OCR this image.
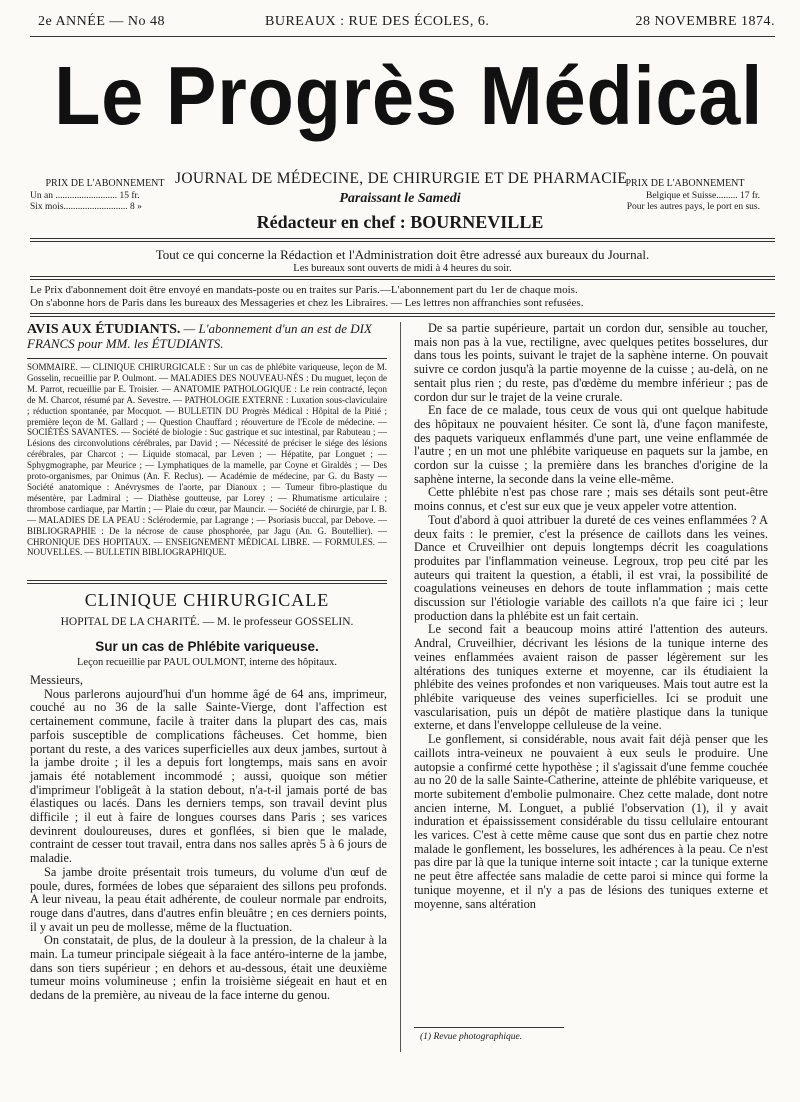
2e ANNÉE — No 48	BUREAUX : RUE DES ÉCOLES, 6.	28 NOVEMBRE 1874.
Le Progrès Médical
PRIX DE L'ABONNEMENT
Un an .......................... 15 fr.
Six mois........................... 8 »
JOURNAL DE MÉDECINE, DE CHIRURGIE ET DE PHARMACIE
Paraissant le Samedi
Rédacteur en chef : BOURNEVILLE
PRIX DE L'ABONNEMENT
Belgique et Suisse......... 17 fr.
Pour les autres pays, le port en sus.
Tout ce qui concerne la Rédaction et l'Administration doit être adressé aux bureaux du Journal.
Les bureaux sont ouverts de midi à 4 heures du soir.
Le Prix d'abonnement doit être envoyé en mandats-poste ou en traites sur Paris.—L'abonnement part du 1er de chaque mois.
On s'abonne hors de Paris dans les bureaux des Messageries et chez les Libraires. — Les lettres non affranchies sont refusées.
AVIS AUX ÉTUDIANTS. — L'abonnement d'un an est de DIX FRANCS pour MM. les ÉTUDIANTS.
SOMMAIRE. — CLINIQUE CHIRURGICALE : Sur un cas de phlébite variqueuse, leçon de M. Gosselin, recueillie par P. Oulmont. — MALADIES DES NOUVEAU-NÉS : Du muguet, leçon de M. Parrot, recueillie par E. Troisier. — ANATOMIE PATHOLOGIQUE : Le rein contracté, leçon de M. Charcot, résumé par A. Sevestre. — PATHOLOGIE EXTERNE : Luxation sous-claviculaire ; réduction spontanée, par Mocquot. — BULLETIN DU Progrès Médical : Hôpital de la Pitié ; première leçon de M. Gallard ; — Question Chauffard ; réouverture de l'Ecole de médecine. — SOCIÉTÉS SAVANTES. — Société de biologie : Suc gastrique et suc intestinal, par Rabuteau ; — Lésions des circonvolutions cérébrales, par David ; — Nécessité de préciser le siége des lésions cérébrales, par Charcot ; — Liquide stomacal, par Leven ; — Hépatite, par Longuet ; — Sphygmographe, par Meurice ; — Lymphatiques de la mamelle, par Coyne et Giraldès ; — Des proto-organismes, par Onimus (An. F. Reclus). — Académie de médecine, par G. du Basty — Société anatomique : Anévrysmes de l'aorte, par Dianoux ; — Tumeur fibro-plastique du mésentère, par Ladmiral ; — Diathèse goutteuse, par Lorey ; — Rhumatisme articulaire ; thrombose cardiaque, par Martin ; — Plaie du cœur, par Mauncir. — Société de chirurgie, par I. B. — MALADIES DE LA PEAU : Sclérodermie, par Lagrange ; — Psoriasis buccal, par Debove. — BIBLIOGRAPHIE : De la nécrose de cause phosphorée, par Jagu (An. G. Boutellier). — CHRONIQUE DES HOPITAUX. — ENSEIGNEMENT MÉDICAL LIBRE. — FORMULES. — NOUVELLES. — BULLETIN BIBLIOGRAPHIQUE.
CLINIQUE CHIRURGICALE
HOPITAL DE LA CHARITÉ. — M. le professeur GOSSELIN.
Sur un cas de Phlébite variqueuse.
Leçon recueillie par PAUL OULMONT, interne des hôpitaux.

Messieurs,

Nous parlerons aujourd'hui d'un homme âgé de 64 ans, imprimeur, couché au no 36 de la salle Sainte-Vierge, dont l'affection est certainement commune, facile à traiter dans la plupart des cas, mais parfois susceptible de complications fâcheuses. Cet homme, bien portant du reste, a des varices superficielles aux deux jambes, surtout à la jambe droite ; il les a depuis fort longtemps, mais sans en avoir jamais été notablement incommodé ; aussi, quoique son métier d'imprimeur l'obligeât à la station debout, n'a-t-il jamais porté de bas élastiques ou lacés. Dans les derniers temps, son travail devint plus difficile ; il eut à faire de longues courses dans Paris ; ses varices devinrent douloureuses, dures et gonflées, si bien que le malade, contraint de cesser tout travail, entra dans nos salles après 5 à 6 jours de maladie.

Sa jambe droite présentait trois tumeurs, du volume d'un œuf de poule, dures, formées de lobes que séparaient des sillons peu profonds. A leur niveau, la peau était adhérente, de couleur normale par endroits, rouge dans d'autres, dans d'autres enfin bleuâtre ; en ces derniers points, il y avait un peu de mollesse, même de la fluctuation.

On constatait, de plus, de la douleur à la pression, de la chaleur à la main. La tumeur principale siégeait à la face antéro-interne de la jambe, dans son tiers supérieur ; en dehors et au-dessous, était une deuxième tumeur moins volumineuse ; enfin la troisième siégeait en haut et en dedans de la première, au niveau de la face interne du genou.

De sa partie supérieure, partait un cordon dur, sensible au toucher, mais non pas à la vue, rectiligne, avec quelques petites bosselures, dur dans tous les points, suivant le trajet de la saphène interne. On pouvait suivre ce cordon jusqu'à la partie moyenne de la cuisse ; au-delà, on ne sentait plus rien ; du reste, pas d'œdème du membre inférieur ; pas de cordon dur sur le trajet de la veine crurale.

En face de ce malade, tous ceux de vous qui ont quelque habitude des hôpitaux ne pouvaient hésiter. Ce sont là, d'une façon manifeste, des paquets variqueux enflammés d'une part, une veine enflammée de l'autre ; en un mot une phlébite variqueuse en paquets sur la jambe, en cordon sur la cuisse ; la première dans les branches d'origine de la saphène interne, la seconde dans la veine elle-même.

Cette phlébite n'est pas chose rare ; mais ses détails sont peut-être moins connus, et c'est sur eux que je veux appeler votre attention.

Tout d'abord à quoi attribuer la dureté de ces veines enflammées ? A deux faits : le premier, c'est la présence de caillots dans les veines. Dance et Cruveilhier ont depuis longtemps décrit les coagulations produites par l'inflammation veineuse. Legroux, trop peu cité par les auteurs qui traitent la question, a établi, il est vrai, la possibilité de coagulations veineuses en dehors de toute inflammation ; mais cette discussion sur l'étiologie variable des caillots n'a que faire ici ; leur production dans la phlébite est un fait certain.

Le second fait a beaucoup moins attiré l'attention des auteurs. Andral, Cruveilhier, décrivant les lésions de la tunique interne des veines enflammées avaient raison de passer légèrement sur les altérations des tuniques externe et moyenne, car ils étudiaient la phlébite des veines profondes et non variqueuses. Mais tout autre est la phlébite variqueuse des veines superficielles. Ici se produit une vascularisation, puis un dépôt de matière plastique dans la tunique externe, et dans l'enveloppe celluleuse de la veine.

Le gonflement, si considérable, nous avait fait déjà penser que les caillots intra-veineux ne pouvaient à eux seuls le produire. Une autopsie a confirmé cette hypothèse ; il s'agissait d'une femme couchée au no 20 de la salle Sainte-Catherine, atteinte de phlébite variqueuse, et morte subitement d'embolie pulmonaire. Chez cette malade, dont notre ancien interne, M. Longuet, a publié l'observation (1), il y avait induration et épaississement considérable du tissu cellulaire entourant les varices. C'est à cette même cause que sont dus en partie chez notre malade le gonflement, les bosselures, les adhérences à la peau. Ce n'est pas dire par là que la tunique interne soit intacte ; car la tunique externe ne peut être affectée sans maladie de cette paroi si mince qui forme la tunique moyenne, et il n'y a pas de lésions des tuniques externe et moyenne, sans altération

(1) Revue photographique.
